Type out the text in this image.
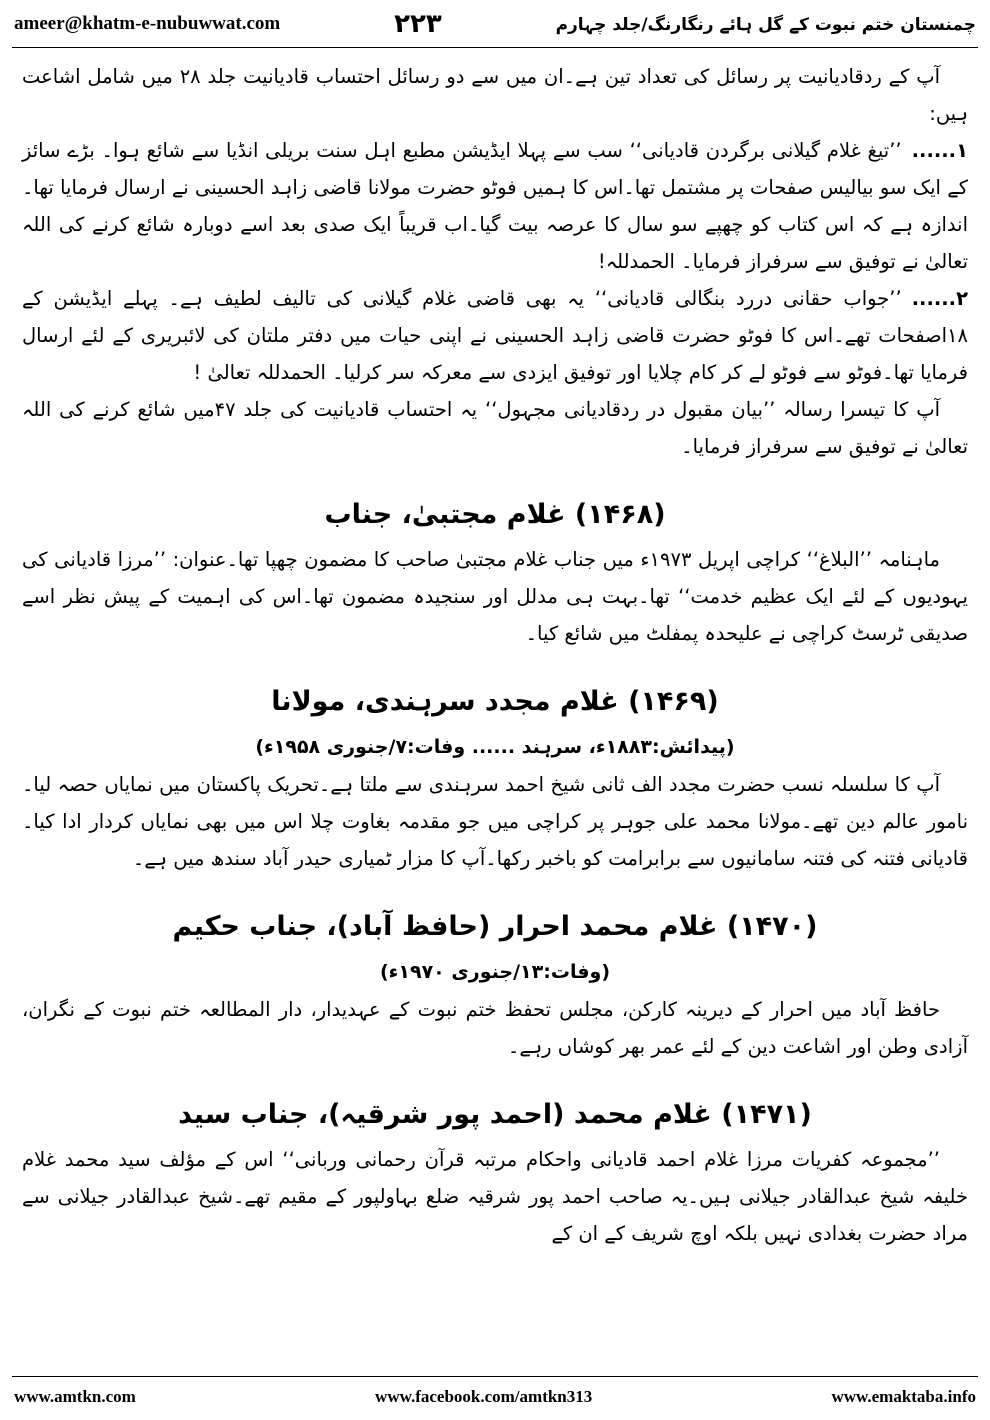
ameer@khatm-e-nubuwwat.com	۲۲۳	چمنستان ختم نبوت کے گل ہائے رنگارنگ/جلد چہارم

آپ کے ردقادیانیت پر رسائل کی تعداد تین ہے۔ان میں سے دو رسائل احتساب قادیانیت جلد ۲۸ میں شامل اشاعت ہیں:

۱......’’تیغ غلام گیلانی برگردن قادیانی‘‘ سب سے پہلا ایڈیشن مطبع اہل سنت بریلی انڈیا سے شائع ہوا۔ بڑے سائز کے ایک سو بیالیس صفحات پر مشتمل تھا۔اس کا ہمیں فوٹو حضرت مولانا قاضی زاہد الحسینی نے ارسال فرمایا تھا۔اندازہ ہے کہ اس کتاب کو چھپے سو سال کا عرصہ بیت گیا۔اب قریباً ایک صدی بعد اسے دوبارہ شائع کرنے کی اللہ تعالیٰ نے توفیق سے سرفراز فرمایا۔ الحمدللہ!

۲......’’جواب حقانی دررد بنگالی قادیانی‘‘ یہ بھی قاضی غلام گیلانی کی تالیف لطیف ہے۔ پہلے ایڈیشن کے ۱۸اصفحات تھے۔اس کا فوٹو حضرت قاضی زاہد الحسینی نے اپنی حیات میں دفتر ملتان کی لائبریری کے لئے ارسال فرمایا تھا۔فوٹو سے فوٹو لے کر کام چلایا اور توفیق ایزدی سے معرکہ سر کرلیا۔ الحمدللہ تعالیٰ !

آپ کا تیسرا رسالہ ’’بیان مقبول در ردقادیانی مجہول‘‘ یہ احتساب قادیانیت کی جلد ۴۷میں شائع کرنے کی اللہ تعالیٰ نے توفیق سے سرفراز فرمایا۔

(۱۴۶۸) غلام مجتبیٰ، جناب

ماہنامہ ’’البلاغ‘‘ کراچی اپریل ۱۹۷۳ء میں جناب غلام مجتبیٰ صاحب کا مضمون چھپا تھا۔عنوان: ’’مرزا قادیانی کی یہودیوں کے لئے ایک عظیم خدمت‘‘ تھا۔بہت ہی مدلل اور سنجیدہ مضمون تھا۔اس کی اہمیت کے پیش نظر اسے صدیقی ٹرسٹ کراچی نے علیحدہ پمفلٹ میں شائع کیا۔

(۱۴۶۹) غلام مجدد سرہندی، مولانا
(پیدائش:۱۸۸۳ء، سرہند ...... وفات:۷/جنوری ۱۹۵۸ء)

آپ کا سلسلہ نسب حضرت مجدد الف ثانی شیخ احمد سرہندی سے ملتا ہے۔تحریک پاکستان میں نمایاں حصہ لیا۔نامور عالم دین تھے۔مولانا محمد علی جوہر پر کراچی میں جو مقدمہ بغاوت چلا اس میں بھی نمایاں کردار ادا کیا۔قادیانی فتنہ کی فتنہ سامانیوں سے برابرامت کو باخبر رکھا۔آپ کا مزار ٹمیاری حیدر آباد سندھ میں ہے۔

(۱۴۷۰) غلام محمد احرار (حافظ آباد)، جناب حکیم
(وفات:۱۳/جنوری ۱۹۷۰ء)

حافظ آباد میں احرار کے دیرینہ کارکن، مجلس تحفظ ختم نبوت کے عہدیدار، دار المطالعہ ختم نبوت کے نگران، آزادی وطن اور اشاعت دین کے لئے عمر بھر کوشاں رہے۔

(۱۴۷۱) غلام محمد (احمد پور شرقیہ)، جناب سید

’’مجموعہ کفریات مرزا غلام احمد قادیانی واحکام مرتبہ قرآن رحمانی وربانی‘‘ اس کے مؤلف سید محمد غلام خلیفہ شیخ عبدالقادر جیلانی ہیں۔یہ صاحب احمد پور شرقیہ ضلع بہاولپور کے مقیم تھے۔شیخ عبدالقادر جیلانی سے مراد حضرت بغدادی نہیں بلکہ اوچ شریف کے ان کے

www.amtkn.com	www.facebook.com/amtkn313	www.emaktaba.info
